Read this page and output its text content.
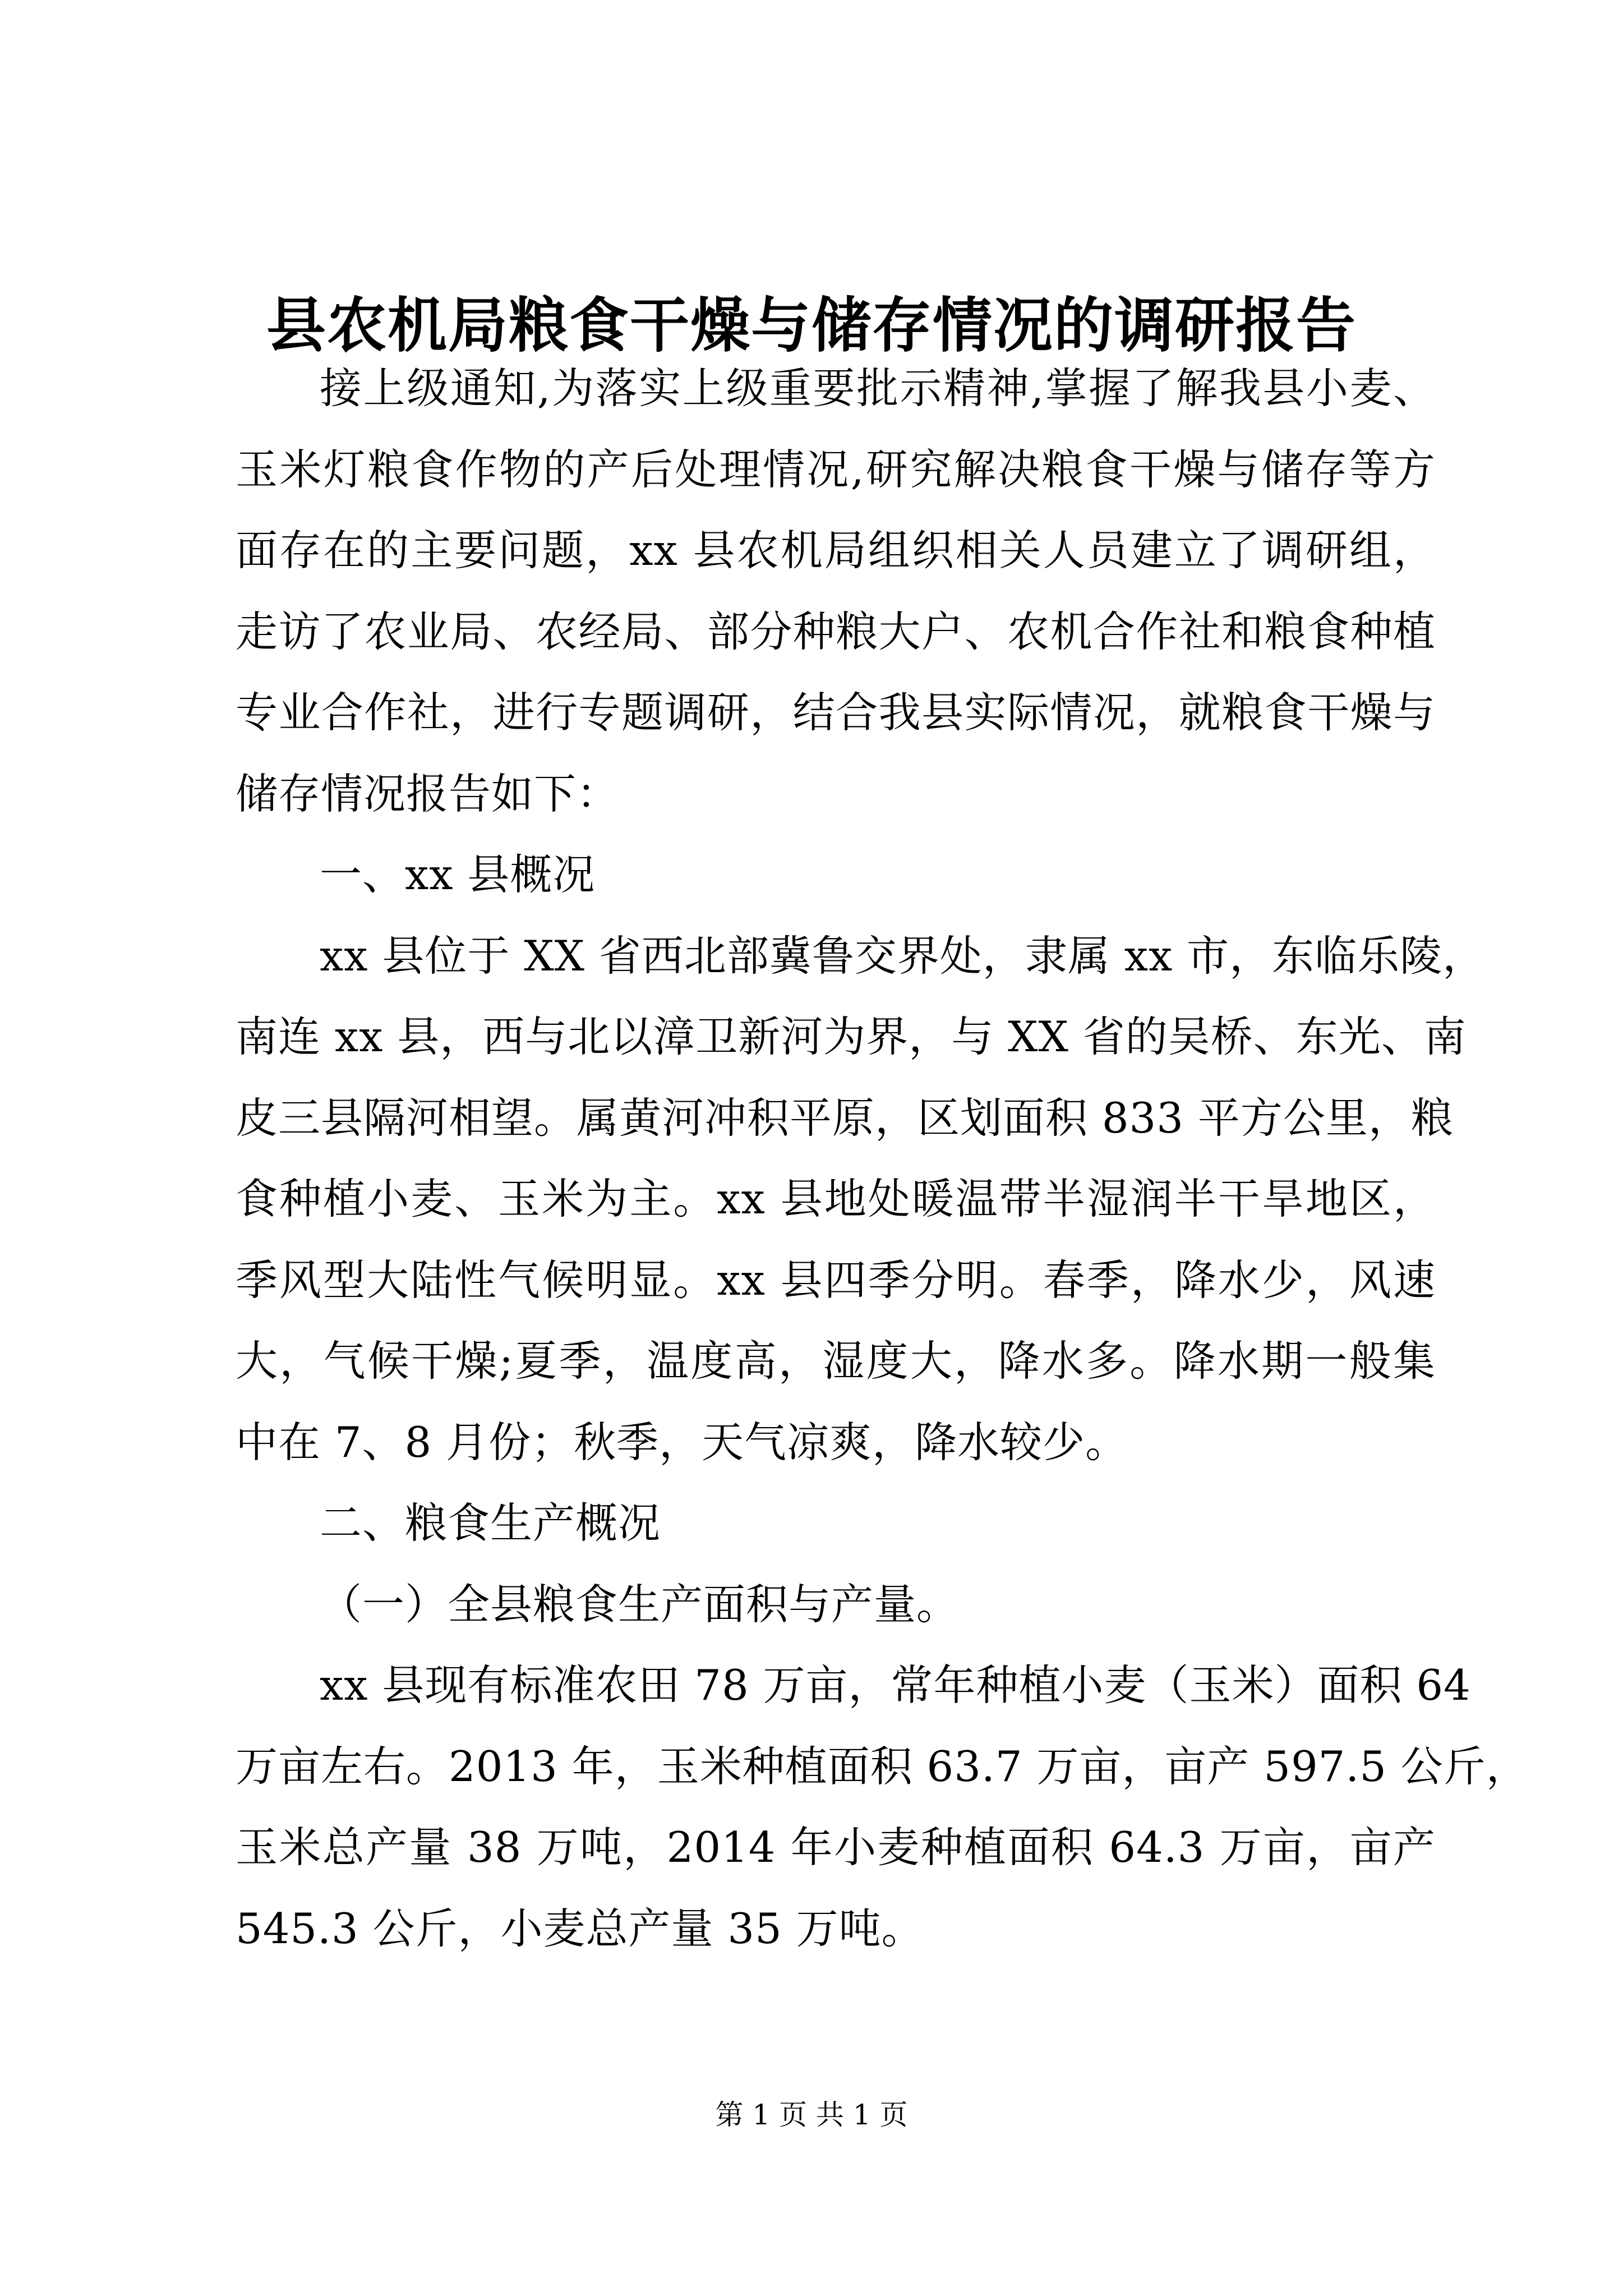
县农机局粮食干燥与储存情况的调研报告
接上级通知,为落实上级重要批示精神,掌握了解我县小麦、
玉米灯粮食作物的产后处理情况,研究解决粮食干燥与储存等方
面存在的主要问题，xx 县农机局组织相关人员建立了调研组，
走访了农业局、农经局、部分种粮大户、农机合作社和粮食种植
专业合作社，进行专题调研，结合我县实际情况，就粮食干燥与
储存情况报告如下：
一、xx 县概况
xx 县位于 XX 省西北部冀鲁交界处，隶属 xx 市，东临乐陵，
南连 xx 县，西与北以漳卫新河为界，与 XX 省的吴桥、东光、南
皮三县隔河相望。属黄河冲积平原，区划面积 833 平方公里，粮
食种植小麦、玉米为主。xx 县地处暖温带半湿润半干旱地区，
季风型大陆性气候明显。xx 县四季分明。春季，降水少，风速
大，气候干燥;夏季，温度高，湿度大，降水多。降水期一般集
中在 7、8 月份；秋季，天气凉爽，降水较少。
二、粮食生产概况
（一）全县粮食生产面积与产量。
xx 县现有标准农田 78 万亩，常年种植小麦（玉米）面积 64
万亩左右。2013 年，玉米种植面积 63.7 万亩，亩产 597.5 公斤，
玉米总产量 38 万吨，2014 年小麦种植面积 64.3 万亩，亩产
545.3 公斤，小麦总产量 35 万吨。
第 1 页 共 1 页
